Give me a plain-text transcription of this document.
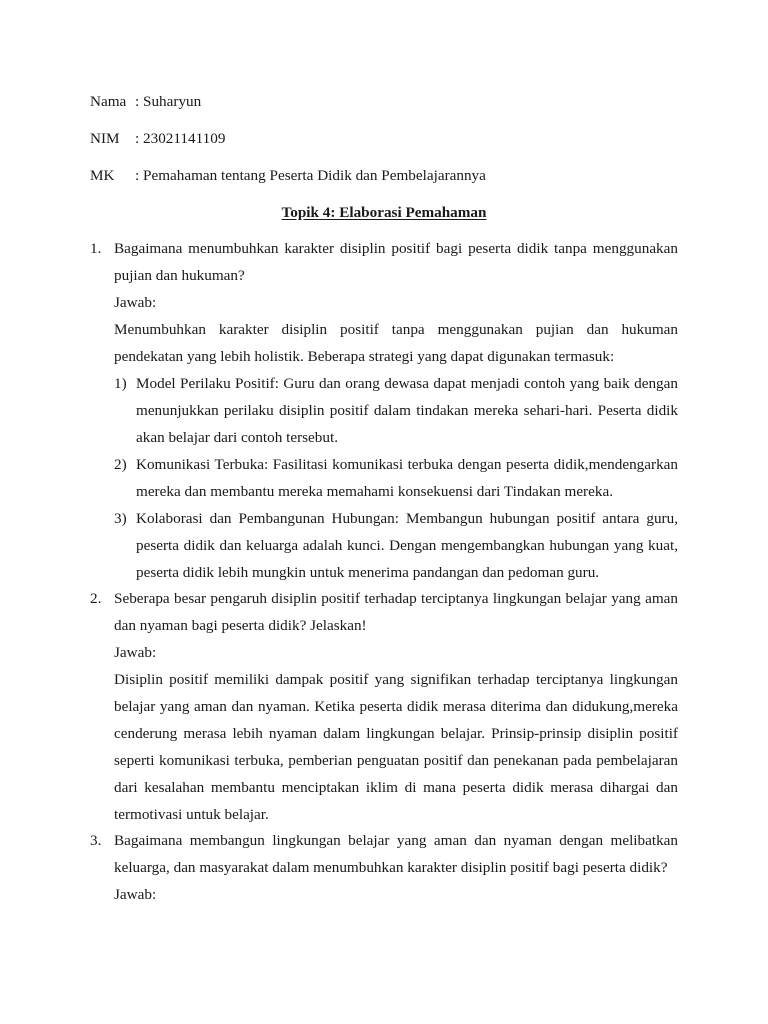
Nama : Suharyun
NIM : 23021141109
MK : Pemahaman tentang Peserta Didik dan Pembelajarannya
Topik 4: Elaborasi Pemahaman
1. Bagaimana menumbuhkan karakter disiplin positif bagi peserta didik tanpa menggunakan
pujian dan hukuman?
Jawab:
Menumbuhkan karakter disiplin positif tanpa menggunakan pujian dan hukuman
pendekatan yang lebih holistik. Beberapa strategi yang dapat digunakan termasuk:
1) Model Perilaku Positif: Guru dan orang dewasa dapat menjadi contoh yang baik dengan
menunjukkan perilaku disiplin positif dalam tindakan mereka sehari-hari. Peserta didik
akan belajar dari contoh tersebut.
2) Komunikasi Terbuka: Fasilitasi komunikasi terbuka dengan peserta didik,mendengarkan
mereka dan membantu mereka memahami konsekuensi dari Tindakan mereka.
3) Kolaborasi dan Pembangunan Hubungan: Membangun hubungan positif antara guru,
peserta didik dan keluarga adalah kunci. Dengan mengembangkan hubungan yang kuat,
peserta didik lebih mungkin untuk menerima pandangan dan pedoman guru.
2. Seberapa besar pengaruh disiplin positif terhadap terciptanya lingkungan belajar yang aman
dan nyaman bagi peserta didik? Jelaskan!
Jawab:
Disiplin positif memiliki dampak positif yang signifikan terhadap terciptanya lingkungan
belajar yang aman dan nyaman. Ketika peserta didik merasa diterima dan didukung,mereka
cenderung merasa lebih nyaman dalam lingkungan belajar. Prinsip-prinsip disiplin positif
seperti komunikasi terbuka, pemberian penguatan positif dan penekanan pada pembelajaran
dari kesalahan membantu menciptakan iklim di mana peserta didik merasa dihargai dan
termotivasi untuk belajar.
3. Bagaimana membangun lingkungan belajar yang aman dan nyaman dengan melibatkan
keluarga, dan masyarakat dalam menumbuhkan karakter disiplin positif bagi peserta didik?
Jawab:
